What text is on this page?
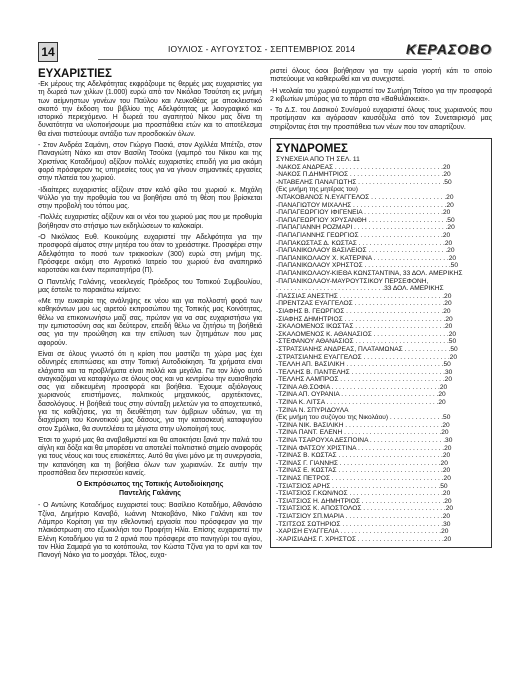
14	ΙΟΥΛΙΟΣ - ΑΥΓΟΥΣΤΟΣ - ΣΕΠΤΕΜΒΡΙΟΣ 2014	ΚΕΡΑΣΟΒΟ
ΕΥΧΑΡΙΣΤΙΕΣ

-Εκ μέρους της Αδελφότητας εκφράζουμε τις θερμές μας ευχαριστίες για τη δωρεά των χιλίων (1.000) ευρώ από τον Νικόλαο Τσούτση εις μνήμη των αείμνηστων γονέων του Παύλου και Λευκοθέας με αποκλειστικό σκοπό την έκδοση του βιβλίου της Αδελφότητας με λαογραφικό και ιστορικό περιεχόμενο. Η δωρεά του αγαπητού Νίκου μας δίνει τη δυνατότητα να υλοποιήσουμε μια προσπάθεια ετών και το αποτέλεσμα θα είναι πιστεύουμε αντάξιο των προσδοκιών όλων.

- Στον Ανδρέα Σαμάνη, στον Γιώργο Πασιά, στον Αχιλλέα Μπέτζο, στον Παναγιώτη Νάκο και στον Βασίλη Τσούκα (γαμπρό του Νίκου και της Χριστίνας Κοταδήμου) αξίζουν πολλές ευχαριστίες επειδή για μια ακόμη φορά πρόσφεραν τις υπηρεσίες τους για να γίνουν σημαντικές εργασίες στην πλατεία του χωριού.

-Ιδιαίτερες ευχαριστίες αξίζουν στον καλό φίλο του χωριού κ. Μιχάλη Ψύλλο για την προθυμία του να βοηθήσει από τη θέση που βρίσκεται στην προβολή του τόπου μας.

-Πολλές ευχαριστίες αξίζουν και οι νέοι του χωριού μας που με προθυμία βοήθησαν στο στήσιμο των εκδηλώσεων το καλοκαίρι.

-Ο Νικόλαος Ευθ. Κουκούμης ευχαριστεί την Αδελφότητα για την προσφορά αίματος στην μητέρα του όταν το χρειάστηκε. Προσφέρει στην Αδελφότητα το ποσό των τριακοσίων (300) ευρώ στη μνήμη της. Πρόσφερε ακόμη στο Αγροτικό Ιατρείο του χωριού ένα αναπηρικό καροτσάκι και έναν περιπατητήρα (Π).

Ο Παντελής Γαλάνης, νεοεκλεγείς Πρόεδρος του Τοπικού Συμβουλίου, μας έστειλε το παρακάτω κείμενο:

«Με την ευκαιρία της ανάληψης εκ νέου και για πολλοστή φορά των καθηκόντων μου ως αιρετού εκπροσώπου της Τοπικής μας Κοινότητας, θέλω να επικοινωνήσω μαζί σας, πρώτον για να σας ευχαριστήσω για την εμπιστοσύνη σας και δεύτερον, επειδή θέλω να ζητήσω τη βοήθειά σας για την προώθηση και την επίλυση των ζητημάτων που μας αφορούν.

Είναι σε όλους γνωστό ότι η κρίση που μαστίζει τη χώρα μας έχει οδυνηρές επιπτώσεις και στην Τοπική Αυτοδιοίκηση. Τα χρήματα είναι ελάχιστα και τα προβλήματα είναι πολλά και μεγάλα. Για τον λόγο αυτό αναγκαζόμαι να καταφύγω σε όλους σας και να κεντρίσω την ευαισθησία σας για ειδικευμένη προσφορά και βοήθεια. Έχουμε αξιόλογους χωριανούς επιστήμονες, πολιτικούς μηχανικούς, αρχιτέκτονες, δασολόγους. Η βοήθειά τους στην σύνταξη μελετών για το αποχετευτικό, για τις καθιζήσεις, για τη διευθέτηση των όμβριων υδάτων, για τη διαχείριση του Κοινοτικού μας δάσους, για την κατασκευή καταφυγίου στον Σμόλικα, θα συντελέσει τα μέγιστα στην υλοποίησή τους.

Έτσι το χωριό μας θα αναβαθμιστεί και θα αποκτήσει ξανά την παλιά του αίγλη και δόξα και θα μπορέσει να αποτελεί πολιτιστικό σημείο αναφοράς για τους νέους και τους επισκέπτες. Αυτό θα γίνει μόνο με τη συνεργασία, την κατανόηση και τη βοήθεια όλων των χωριανών. Σε αυτήν την προσπάθεια δεν περισσεύει κανείς.

Ο Εκπρόσωπος της Τοπικής Αυτοδιοίκησης
Παντελής Γαλάνης

- Ο Αντώνης Κοταδήμος ευχαριστεί τους: Βασίλειο Κοταδήμο, Αθανάσιο Τζίνα, Δημήτριο Καναβό, Ιωάννη Ντακοβάνο, Νίκο Γαλάνη και τον Λάμπρο Κορίτση για την εθελοντική εργασία που πρόσφεραν για την πλακόστρωση στο εξωκκλήσι του Προφήτη Ηλία. Επίσης ευχαριστεί την Ελένη Κοταδήμου για τα 2 αρνιά που πρόσφερε στο πανηγύρι του αγίου, τον Ηλία Σαμαρά για τα κοτόπουλα, τον Κώστα Τζίνα για το αρνί και τον Πανογή Νάκο για το μοσχάρι. Τέλος, ευχα-

ριστεί όλους όσοι βοήθησαν για την ωραία γιορτή κάτι το οποίο πιστεύουμε να καθιερωθεί και να συνεχιστεί.

-Η νεολαία του χωριού ευχαριστεί τον Σωτήρη Τσίτσο για την προσφορά 2 κιβωτίων μπύρας για το πάρτι στα «Βαθυλάκκεια».

- Το Δ.Σ. του Δασικού Συν/σμού ευχαριστεί όλους τους χωριανούς που προτίμησαν και αγόρασαν καυσόξυλα από τον Συνεταιρισμό μας στηρίζοντας έτσι την προσπάθεια των νέων που τον απαρτίζουν.

ΣΥΝΔΡΟΜΕΣ
ΣΥΝΕΧΕΙΑ ΑΠΟ ΤΗ ΣΕΛ. 11
-ΝΑΚΟΣ ΑΝΔΡΕΑΣ . . . . . . . . . . . . . . . . . . . . . . . . . . . . . .20
-ΝΑΚΟΣ Π.ΔΗΜΗΤΡΙΟΣ . . . . . . . . . . . . . . . . . . . . . . . . . .20
-ΝΤΑΒΕΛΗΣ ΠΑΝΑΓΙΩΤΗΣ . . . . . . . . . . . . . . . . . . . . . . . .50
(Εις μνήμη της μητέρας του)
-ΝΤΑΚΟΒΑΝΟΣ Ν.ΕΥΑΓΓΕΛΟΣ . . . . . . . . . . . . . . . . . . . . .20
-ΠΑΝΑΓΙΩΤΟΥ ΜΙΧΑΛΗΣ . . . . . . . . . . . . . . . . . . . . . . . . . .20
-ΠΑΠΑΓΕΩΡΓΙΟΥ ΙΦΙΓΕΝΕΙΑ . . . . . . . . . . . . . . . . . . . . . .20
-ΠΑΠΑΓΕΩΡΓΙΟΥ ΧΡΥΣΑΝΘΗ . . . . . . . . . . . . . . . . . . . . . .50
-ΠΑΠΑΓΙΑΝΝΗ ΡΟΖΜΑΡΙ . . . . . . . . . . . . . . . . . . . . . . . . . .20
-ΠΑΠΑΓΙΑΝΝΗΣ ΓΕΩΡΓΙΟΣ . . . . . . . . . . . . . . . . . . . . . . .20
-ΠΑΠΑΚΩΣΤΑΣ Δ. ΚΩΣΤΑΣ . . . . . . . . . . . . . . . . . . . . . . . .20
-ΠΑΠΑΝΙΚΟΛΑΟΥ ΒΑΣΙΛΕΙΟΣ . . . . . . . . . . . . . . . . . . . . . .20
-ΠΑΠΑΝΙΚΟΛΑΟΥ Χ. ΚΑΤΕΡΙΝΑ . . . . . . . . . . . . . . . . . . . . .20
-ΠΑΠΑΝΙΚΟΛΑΟΥ ΧΡΗΣΤΟΣ . . . . . . . . . . . . . . . . . . . . . . . .50
-ΠΑΠΑΝΙΚΟΛΑΟΥ-ΚΙΕΘΑ ΚΩΝΣΤΑΝΤΙΝΑ, 33 ΔΟΛ. ΑΜΕΡΙΚΗΣ
-ΠΑΠΑΝΙΚΟΛΑΟΥ-ΜΑΥΡΟΥΤΣΙΚΟΥ ΠΕΡΣΕΦΟΝΗ,
. . . . . . . . . . . . . . . . . . . . . . . . . . . . . .33 ΔΟΛ. ΑΜΕΡΙΚΗΣ
-ΠΑΣΣΙΑΣ ΑΝΕΣΤΗΣ . . . . . . . . . . . . . . . . . . . . . . . . . . . . .20
-ΠΡΕΝΤΖΑΣ ΕΥΑΓΓΕΛΟΣ . . . . . . . . . . . . . . . . . . . . . . . . .20
-ΣΙΑΦΗΣ Β. ΓΕΩΡΓΙΟΣ . . . . . . . . . . . . . . . . . . . . . . . . . . .20
-ΣΙΑΦΗΣ ΔΗΜΗΤΡΙΟΣ . . . . . . . . . . . . . . . . . . . . . . . . . . . .20
-ΣΚΑΛΟΜΕΝΟΣ ΙΚΩΣΤΑΣ . . . . . . . . . . . . . . . . . . . . . . . . .20
-ΣΚΑΛΟΜΕΝΟΣ Κ. ΑΘΑΝΑΣΙΟΣ . . . . . . . . . . . . . . . . . . . . .20
-ΣΤΕΦΑΝΟΥ ΑΘΑΝΑΣΙΟΣ . . . . . . . . . . . . . . . . . . . . . . . . . .50
-ΣΤΡΑΤΣΙΑΝΗΣ ΑΝΔΡΕΑΣ, ΠΛΑΤΑΜΩΝΑΣ . . . . . . . . . . . . .50
-ΣΤΡΑΤΣΙΑΝΗΣ ΕΥΑΓΓΕΛΟΣ . . . . . . . . . . . . . . . . . . . . . . . .20
-ΤΕΛΛΗ ΑΠ. ΒΑΣΙΛΙΚΗ . . . . . . . . . . . . . . . . . . . . . . . . . . .50
-ΤΕΛΛΗΣ Β. ΠΑΝΤΕΛΗΣ . . . . . . . . . . . . . . . . . . . . . . . . . .30
-ΤΕΛΛΗΣ ΛΑΜΠΡΟΣ . . . . . . . . . . . . . . . . . . . . . . . . . . . . .20
-ΤΖΙΝΑ ΑΘ.ΣΟΦΙΑ . . . . . . . . . . . . . . . . . . . . . . . . . . . . . .20
-ΤΖΙΝΑ ΑΠ. ΟΥΡΑΝΙΑ . . . . . . . . . . . . . . . . . . . . . . . . . . .20
-ΤΖΙΝΑ Κ. ΛΙΤΣΑ . . . . . . . . . . . . . . . . . . . . . . . . . . . . . . .20
-ΤΖΙΝΑ Ν. ΣΠΥΡΙΔΟΥΛΑ
(Εις μνήμη του συζύγου της Νικολάου) . . . . . . . . . . . . . . .50
-ΤΖΙΝΑ ΝΙΚ. ΒΑΣΙΛΙΚΗ . . . . . . . . . . . . . . . . . . . . . . . . . . .20
-ΤΖΙΝΑ ΠΑΝΤ. ΕΛΕΝΗ . . . . . . . . . . . . . . . . . . . . . . . . . . .20
-ΤΖΙΝΑ ΤΣΑΡΟΥΧΑ ΔΕΣΠΟΙΝΑ . . . . . . . . . . . . . . . . . . . . .30
-ΤΖΙΝΑ ΦΑΤΣΟΥ ΧΡΙΣΤΙΝΑ . . . . . . . . . . . . . . . . . . . . . . . .20
-ΤΖΙΝΑΣ Β. ΚΩΣΤΑΣ . . . . . . . . . . . . . . . . . . . . . . . . . . . . .20
-ΤΖΙΝΑΣ Γ. ΓΙΑΝΝΗΣ . . . . . . . . . . . . . . . . . . . . . . . . . . . .20
-ΤΖΙΝΑΣ Ε. ΚΩΣΤΑΣ . . . . . . . . . . . . . . . . . . . . . . . . . . . . .20
-ΤΖΙΝΑΣ ΠΕΤΡΟΣ . . . . . . . . . . . . . . . . . . . . . . . . . . . . . . .20
-ΤΣΙΑΤΣΙΟΣ ΑΡΗΣ . . . . . . . . . . . . . . . . . . . . . . . . . . . . . .50
-ΤΣΙΑΤΣΙΟΣ Γ.ΚΩΝ/ΝΟΣ . . . . . . . . . . . . . . . . . . . . . . . . . .20
-ΤΣΙΑΤΣΙΟΣ Η. ΔΗΜΗΤΡΙΟΣ . . . . . . . . . . . . . . . . . . . . . . .20
-ΤΣΙΑΤΣΙΟΣ Κ. ΑΠΟΣΤΟΛΟΣ . . . . . . . . . . . . . . . . . . . . . . .20
-ΤΣΙΑΤΣΙΟΥ ΣΠ.ΜΑΡΙΑ . . . . . . . . . . . . . . . . . . . . . . . . . . .20
-ΤΣΙΤΣΟΣ ΣΩΤΗΡΙΟΣ . . . . . . . . . . . . . . . . . . . . . . . . . . . .30
-ΧΑΡΙΣΗ ΕΥΑΓΓΕΛΙΑ . . . . . . . . . . . . . . . . . . . . . . . . . . . .20
-ΧΑΡΙΣΙΑΔΗΣ Γ. ΧΡΗΣΤΟΣ . . . . . . . . . . . . . . . . . . . . . . . .20
